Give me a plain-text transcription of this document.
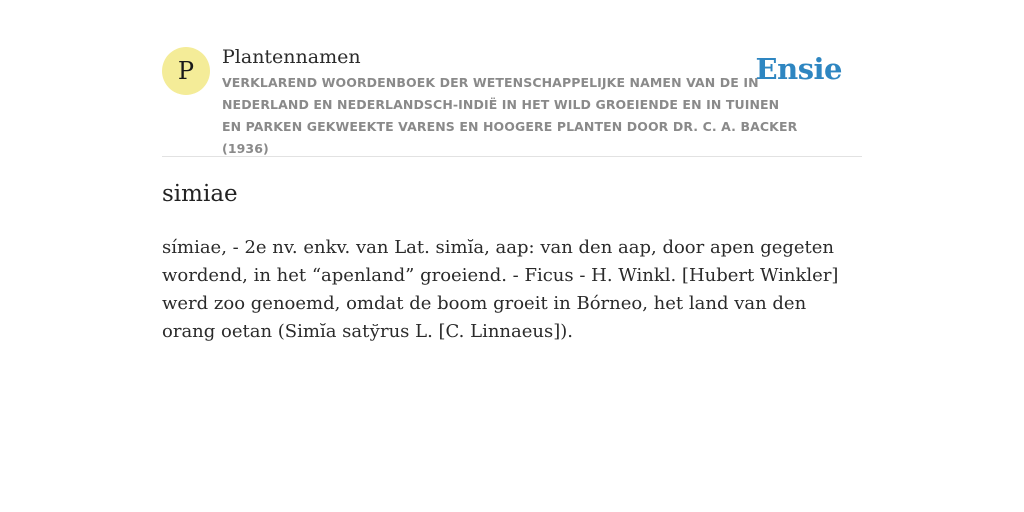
P	Plantennamen
VERKLAREND WOORDENBOEK DER WETENSCHAPPELIJKE NAMEN VAN DE IN NEDERLAND EN NEDERLANDSCH-INDIË IN HET WILD GROEIENDE EN IN TUINEN EN PARKEN GEKWEEKTE VARENS EN HOOGERE PLANTEN DOOR DR. C. A. BACKER (1936)
Ensie
simiae

símiae, - 2e nv. enkv. van Lat. simĭa, aap: van den aap, door apen gegeten wordend, in het “apenland” groeiend. - Ficus - H. Winkl. [Hubert Winkler] werd zoo genoemd, omdat de boom groeit in Bórneo, het land van den orang oetan (Simĭa satўrus L. [C. Linnaeus]).
